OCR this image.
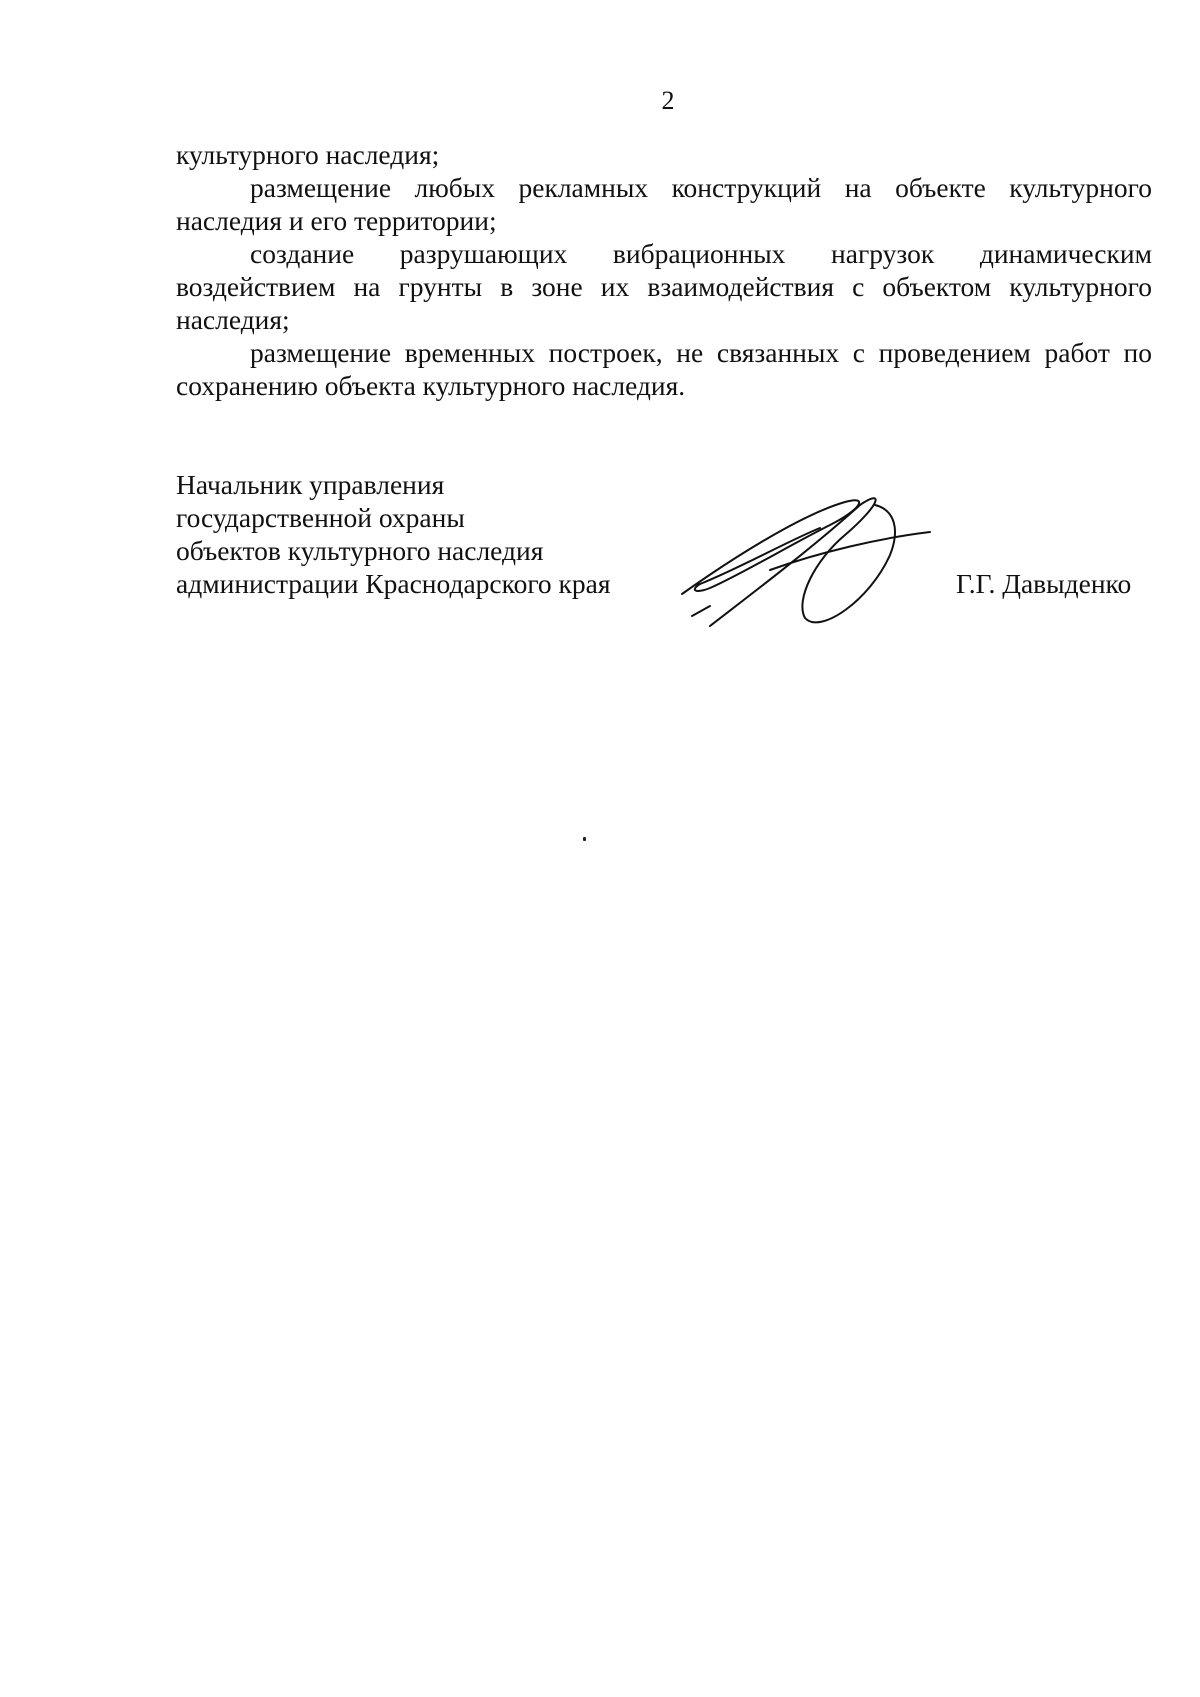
2

культурного наследия;

размещение любых рекламных конструкций на объекте культурного наследия и его территории;

создание разрушающих вибрационных нагрузок динамическим воздействием на грунты в зоне их взаимодействия с объектом культурного наследия;

размещение временных построек, не связанных с проведением работ по сохранению объекта культурного наследия.

Начальник управления
государственной охраны
объектов культурного наследия
администрации Краснодарского края	Г.Г. Давыденко
